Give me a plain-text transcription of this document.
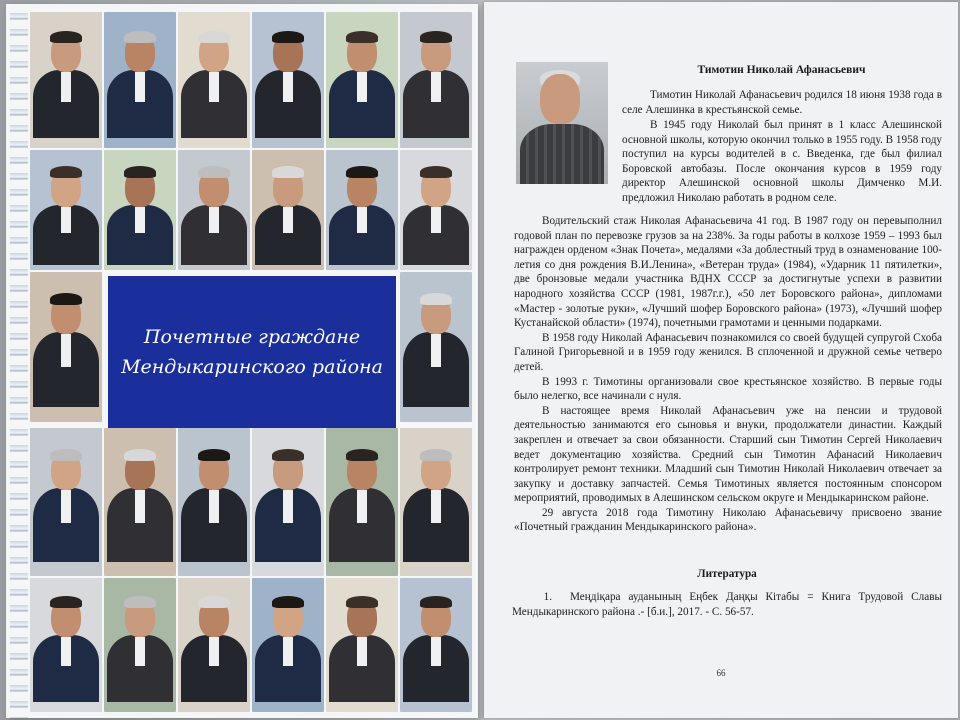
Почетные граждане
Мендыкаринского района
Тимотин Николай Афанасьевич

Тимотин Николай Афанасьевич родился 18 июня 1938 года в селе Алешинка в крестьянской семье.

В 1945 году Николай был принят в 1 класс Алешинской основной школы, которую окончил только в 1955 году. В 1958 году поступил на курсы водителей в с. Введенка, где был филиал Боровской автобазы. После окончания курсов в 1959 году директор Алешинской основной школы Димченко М.И. предложил Николаю работать в родном селе.

Водительский стаж Николая Афанасьевича 41 год. В 1987 году он перевыполнил годовой план по перевозке грузов за на 238%. За годы работы в колхозе 1959 – 1993 был награжден орденом «Знак Почета», медалями «За доблестный труд в ознаменование 100-летия со дня рождения В.И.Ленина», «Ветеран труда» (1984), «Ударник 11 пятилетки», две бронзовые медали участника ВДНХ СССР за достигнутые успехи в развитии народного хозяйства СССР (1981, 1987г.г.), «50 лет Боровского района», дипломами «Мастер - золотые руки», «Лучший шофер Боровского района» (1973), «Лучший шофер Кустанайской области» (1974), почетными грамотами и ценными подарками.

В 1958 году Николай Афанасьевич познакомился со своей будущей супругой Схоба Галиной Григорьевной и в 1959 году женился. В сплоченной и дружной семье четверо детей.

В 1993 г. Тимотины организовали свое крестьянское хозяйство. В первые годы было нелегко, все начинали с нуля.

В настоящее время Николай Афанасьевич уже на пенсии и трудовой деятельностью занимаются его сыновья и внуки, продолжатели династии. Каждый закреплен и отвечает за свои обязанности. Старший сын Тимотин Сергей Николаевич ведет документацию хозяйства. Средний сын Тимотин Афанасий Николаевич контролирует ремонт техники. Младший сын Тимотин Николай Николаевич отвечает за закупку и доставку запчастей. Семья Тимотиных является постоянным спонсором мероприятий, проводимых в Алешинском сельском округе и Мендыкаринском районе.

29 августа 2018 года Тимотину Николаю Афанасьевичу присвоено звание «Почетный гражданин Мендыкаринского района».

Литература
1. Меңдіқара ауданының Еңбек Даңқы Кітабы = Книга Трудовой Славы Мендыкаринского района .- [б.и.], 2017. - С. 56-57.
66
